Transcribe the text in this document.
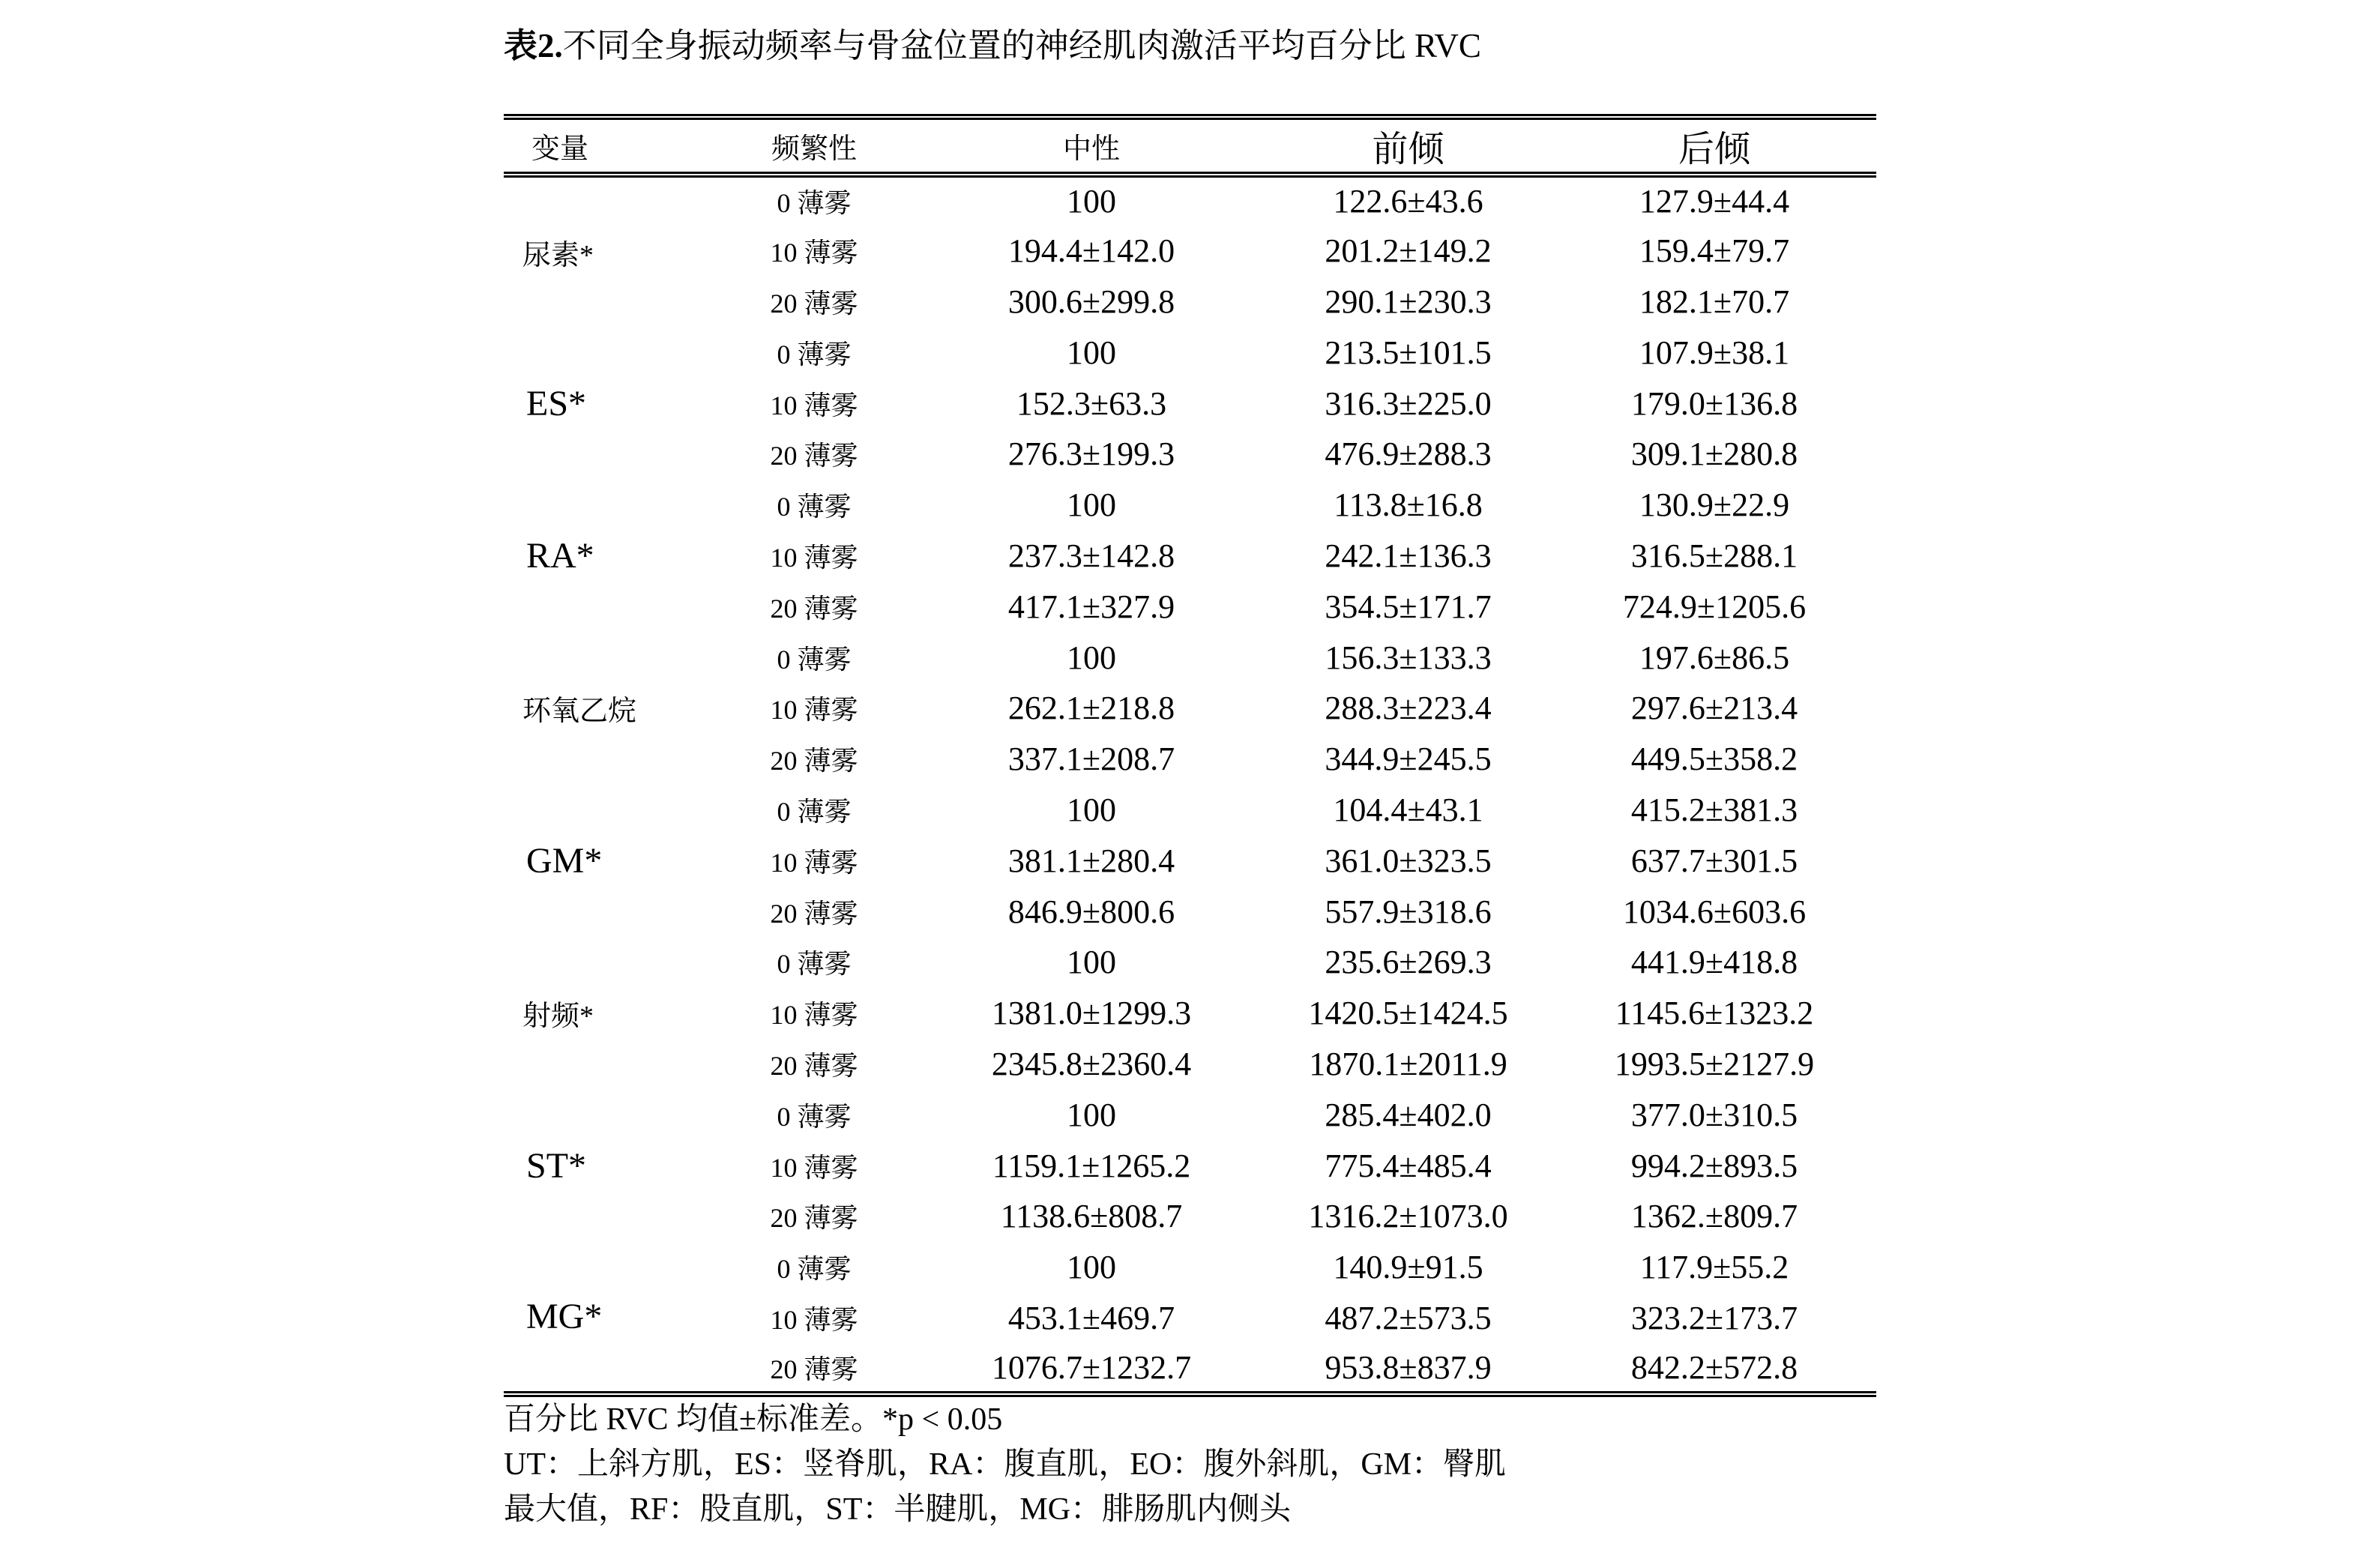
表2.不同全身振动频率与骨盆位置的神经肌肉激活平均百分比 RVC
变量	频繁性	中性	前倾	后倾
尿素*	0 薄雾	100	122.6±43.6	127.9±44.4
	10 薄雾	194.4±142.0	201.2±149.2	159.4±79.7
	20 薄雾	300.6±299.8	290.1±230.3	182.1±70.7
ES*	0 薄雾	100	213.5±101.5	107.9±38.1
	10 薄雾	152.3±63.3	316.3±225.0	179.0±136.8
	20 薄雾	276.3±199.3	476.9±288.3	309.1±280.8
RA*	0 薄雾	100	113.8±16.8	130.9±22.9
	10 薄雾	237.3±142.8	242.1±136.3	316.5±288.1
	20 薄雾	417.1±327.9	354.5±171.7	724.9±1205.6
环氧乙烷	0 薄雾	100	156.3±133.3	197.6±86.5
	10 薄雾	262.1±218.8	288.3±223.4	297.6±213.4
	20 薄雾	337.1±208.7	344.9±245.5	449.5±358.2
GM*	0 薄雾	100	104.4±43.1	415.2±381.3
	10 薄雾	381.1±280.4	361.0±323.5	637.7±301.5
	20 薄雾	846.9±800.6	557.9±318.6	1034.6±603.6
射频*	0 薄雾	100	235.6±269.3	441.9±418.8
	10 薄雾	1381.0±1299.3	1420.5±1424.5	1145.6±1323.2
	20 薄雾	2345.8±2360.4	1870.1±2011.9	1993.5±2127.9
ST*	0 薄雾	100	285.4±402.0	377.0±310.5
	10 薄雾	1159.1±1265.2	775.4±485.4	994.2±893.5
	20 薄雾	1138.6±808.7	1316.2±1073.0	1362.±809.7
MG*	0 薄雾	100	140.9±91.5	117.9±55.2
	10 薄雾	453.1±469.7	487.2±573.5	323.2±173.7
	20 薄雾	1076.7±1232.7	953.8±837.9	842.2±572.8
百分比 RVC 均值±标准差。*p < 0.05
UT：上斜方肌，ES：竖脊肌，RA：腹直肌，EO：腹外斜肌，GM：臀肌
最大值，RF：股直肌，ST：半腱肌，MG：腓肠肌内侧头
